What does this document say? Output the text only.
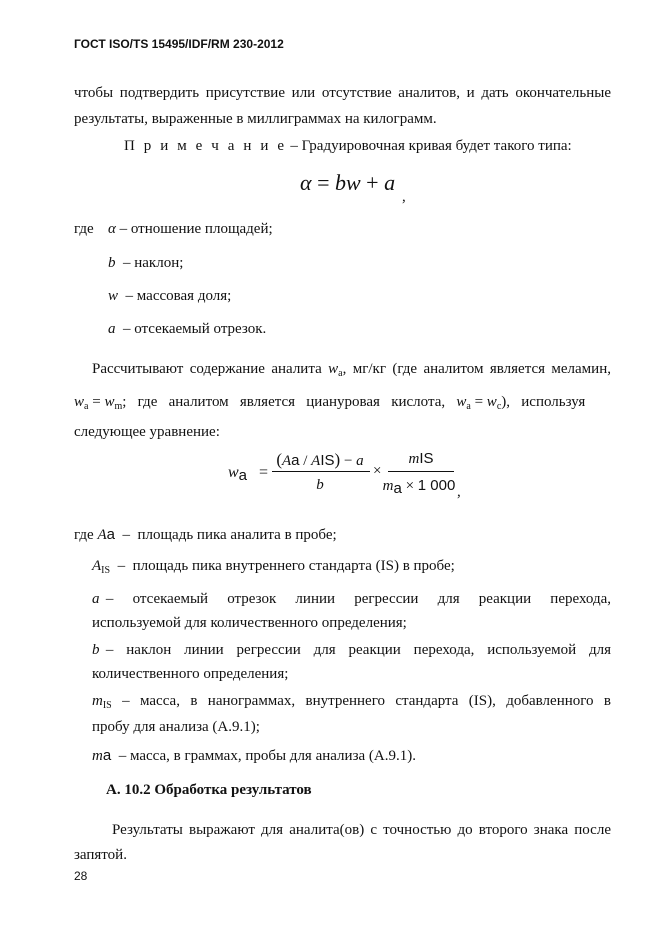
ГОСТ ISO/TS 15495/IDF/RM 230-2012
чтобы подтвердить присутствие или отсутствие аналитов, и дать окончательные
результаты, выраженные в миллиграммах на килограмм.
П р и м е ч а н и е – Градуировочная кривая будет такого типа:
α = bw + a
,
где α – отношение площадей;
b  – наклон;
w  – массовая доля;
a  – отсекаемый отрезок.
Рассчитывают содержание аналита $w_a$, мг/кг (где аналитом является меламин,
$w_a = w_m$;   где   аналитом   является   циануровая   кислота,   $w_a = w_c$),   используя
следующее уравнение:
wa =
(Aa / AIS) − a
b
×
mIS
ma × 1 000 ,
где Aa  –  площадь пика аналита в пробе;
$A_{IS}$  –  площадь пика внутреннего стандарта (IS) в пробе;
a –   отсекаемый   отрезок   линии   регрессии   для   реакции   перехода,
используемой для количественного определения;
b –  наклон  линии  регрессии  для  реакции  перехода,  используемой  для
количественного определения;
$m_{IS}$  –  масса,  в  нанограммах,  внутреннего  стандарта  (IS),  добавленного  в
пробу для анализа (А.9.1);
ma  – масса, в граммах, пробы для анализа (А.9.1).
А. 10.2 Обработка результатов
Результаты выражают для аналита(ов) с точностью до второго знака после
запятой.
28
